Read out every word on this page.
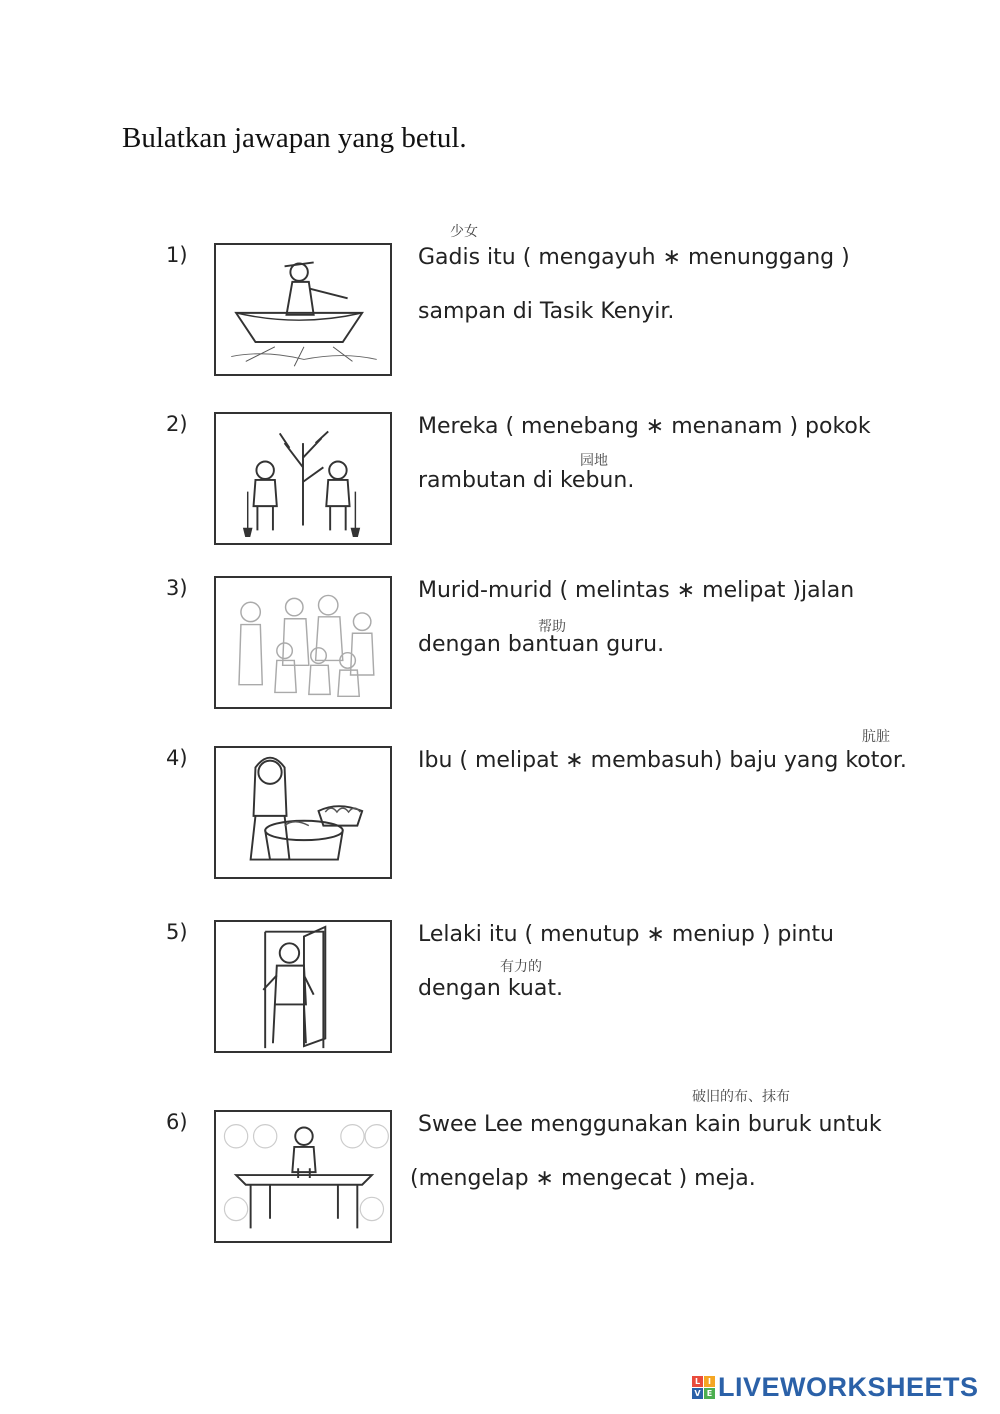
Bulatkan jawapan yang betul.
1)	Gadis itu ( mengayuh ∗ menunggang )
sampan di Tasik Kenyir.
少女
2)	Mereka ( menebang ∗ menanam ) pokok
rambutan di kebun.
园地
3)	Murid-murid ( melintas ∗ melipat )jalan
dengan bantuan guru.
帮助
4)	Ibu ( melipat ∗ membasuh) baju yang kotor.
肮脏
5)	Lelaki itu ( menutup ∗ meniup ) pintu
dengan kuat.
有力的
6)	Swee Lee menggunakan kain buruk untuk
(mengelap ∗ mengecat ) meja.
破旧的布、抹布
L I
V E LIVEWORKSHEETS
